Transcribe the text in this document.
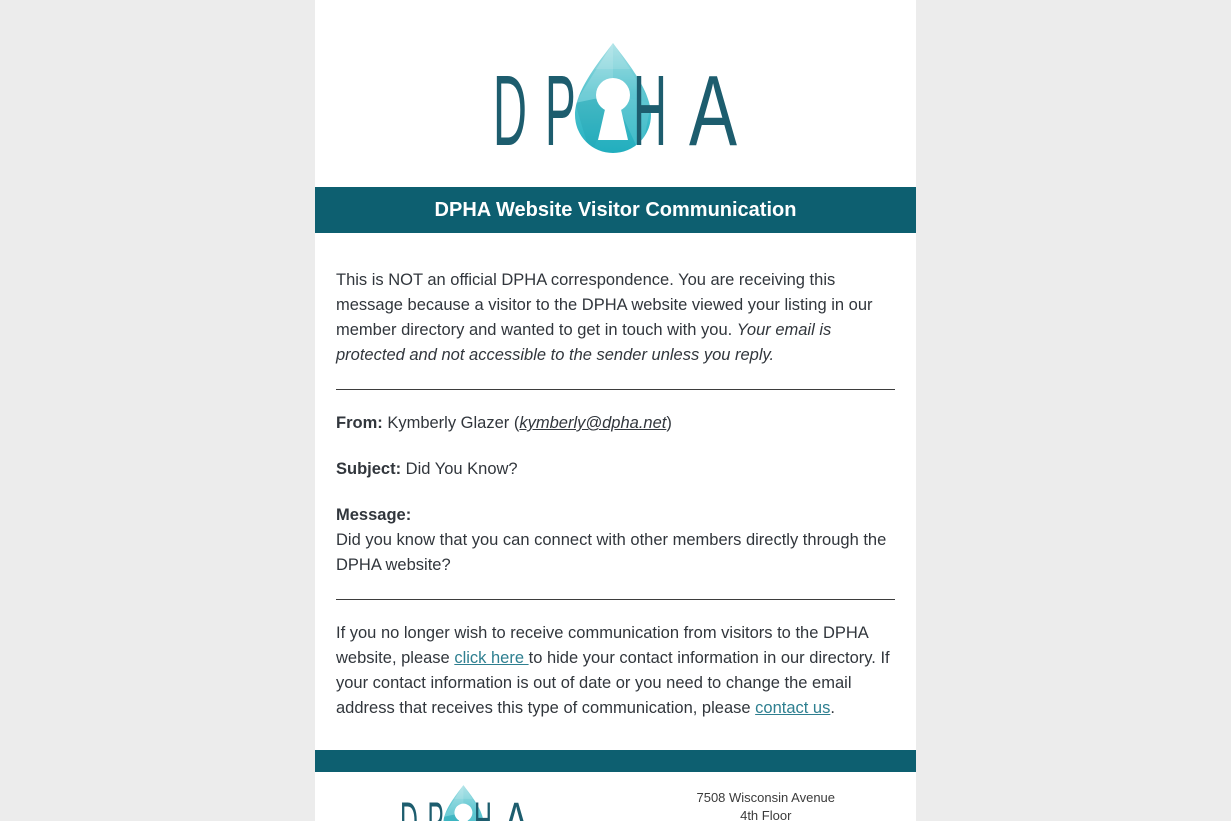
DPHA Website Visitor Communication

This is NOT an official DPHA correspondence. You are receiving this message because a visitor to the DPHA website viewed your listing in our member directory and wanted to get in touch with you. Your email is protected and not accessible to the sender unless you reply.

From: Kymberly Glazer (kymberly@dpha.net)

Subject: Did You Know?

Message:
Did you know that you can connect with other members directly through the DPHA website?

If you no longer wish to receive communication from visitors to the DPHA website, please click here to hide your contact information in our directory. If your contact information is out of date or you need to change the email address that receives this type of communication, please contact us.

7508 Wisconsin Avenue
4th Floor
